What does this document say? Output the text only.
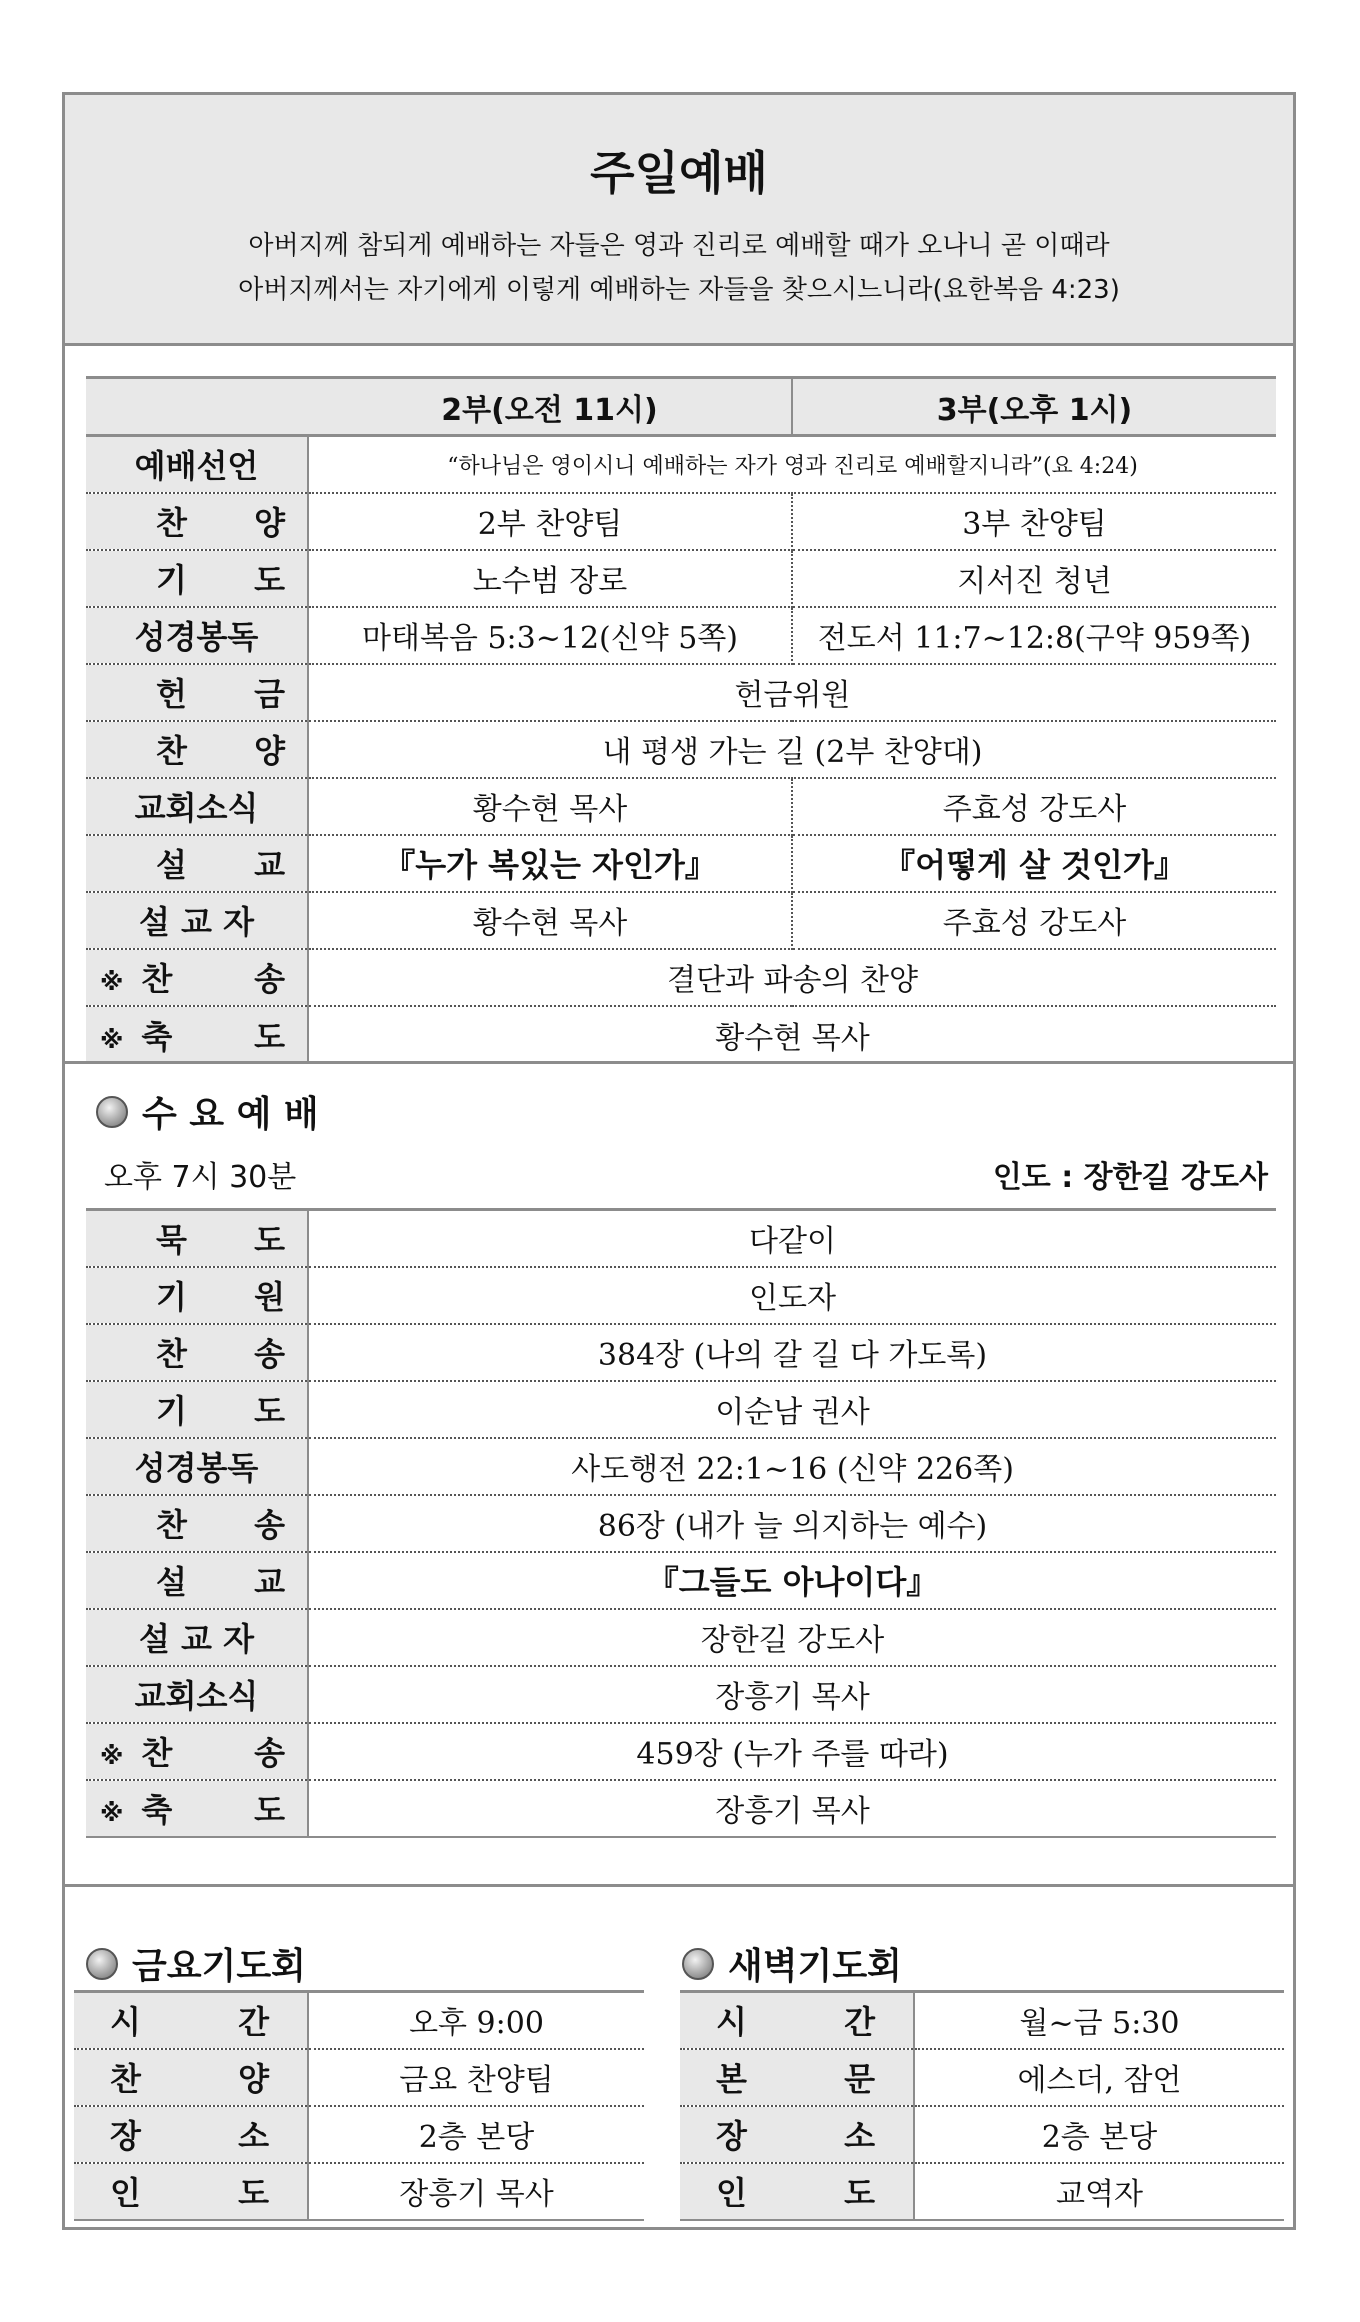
주일예배
아버지께 참되게 예배하는 자들은 영과 진리로 예배할 때가 오나니 곧 이때라
아버지께서는 자기에게 이렇게 예배하는 자들을 찾으시느니라(요한복음 4:23)
	2부(오전 11시)	3부(오후 1시)

예배선언	“하나님은 영이시니 예배하는 자가 영과 진리로 예배할지니라”(요 4:24)	

찬 양	2부 찬양팀	3부 찬양팀

기 도	노수범 장로	지서진 청년

성경봉독	마태복음 5:3~12(신약 5쪽)	전도서 11:7~12:8(구약 959쪽)

헌 금	헌금위원	

찬 양	내 평생 가는 길 (2부 찬양대)	

교회소식	황수현 목사	주효성 강도사

설 교	『누가 복있는 자인가』	『어떻게 살 것인가』

설 교 자	황수현 목사	주효성 강도사

※ 찬 송	결단과 파송의 찬양	

※ 축 도	황수현 목사	
수 요 예 배
오후 7시 30분	인도 : 장한길 강도사
묵 도	다같이

기 원	인도자

찬 송	384장 (나의 갈 길 다 가도록)

기 도	이순남 권사

성경봉독	사도행전 22:1~16 (신약 226쪽)

찬 송	86장 (내가 늘 의지하는 예수)

설 교	『그들도 아나이다』

설 교 자	장한길 강도사

교회소식	장흥기 목사

※ 찬 송	459장 (누가 주를 따라)

※ 축 도	장흥기 목사
금요기도회
시 간	오후 9:00

찬 양	금요 찬양팀

장 소	2층 본당

인 도	장흥기 목사
새벽기도회
시 간	월~금 5:30

본 문	에스더, 잠언

장 소	2층 본당

인 도	교역자
